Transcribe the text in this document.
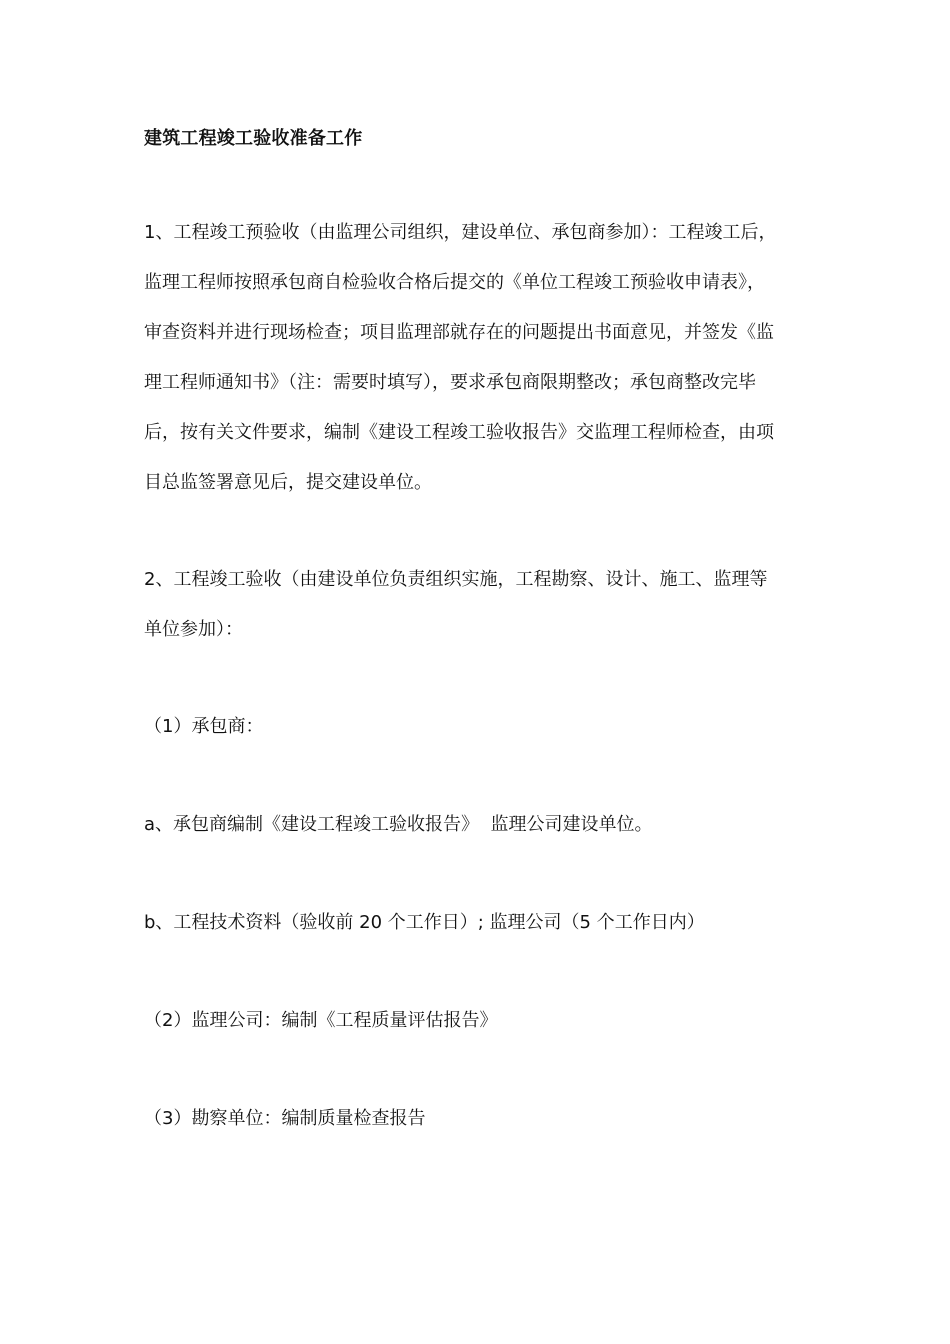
建筑工程竣工验收准备工作
1、工程竣工预验收（由监理公司组织，建设单位、承包商参加）：工程竣工后，
监理工程师按照承包商自检验收合格后提交的《单位工程竣工预验收申请表》，
审查资料并进行现场检查；项目监理部就存在的问题提出书面意见，并签发《监
理工程师通知书》（注：需要时填写），要求承包商限期整改；承包商整改完毕
后，按有关文件要求，编制《建设工程竣工验收报告》交监理工程师检查，由项
目总监签署意见后，提交建设单位。
2、工程竣工验收（由建设单位负责组织实施，工程勘察、设计、施工、监理等
单位参加）：
（1）承包商：
a、承包商编制《建设工程竣工验收报告》  监理公司建设单位。
b、工程技术资料（验收前 20 个工作日）; 监理公司（5 个工作日内）
（2）监理公司：编制《工程质量评估报告》
（3）勘察单位：编制质量检查报告
